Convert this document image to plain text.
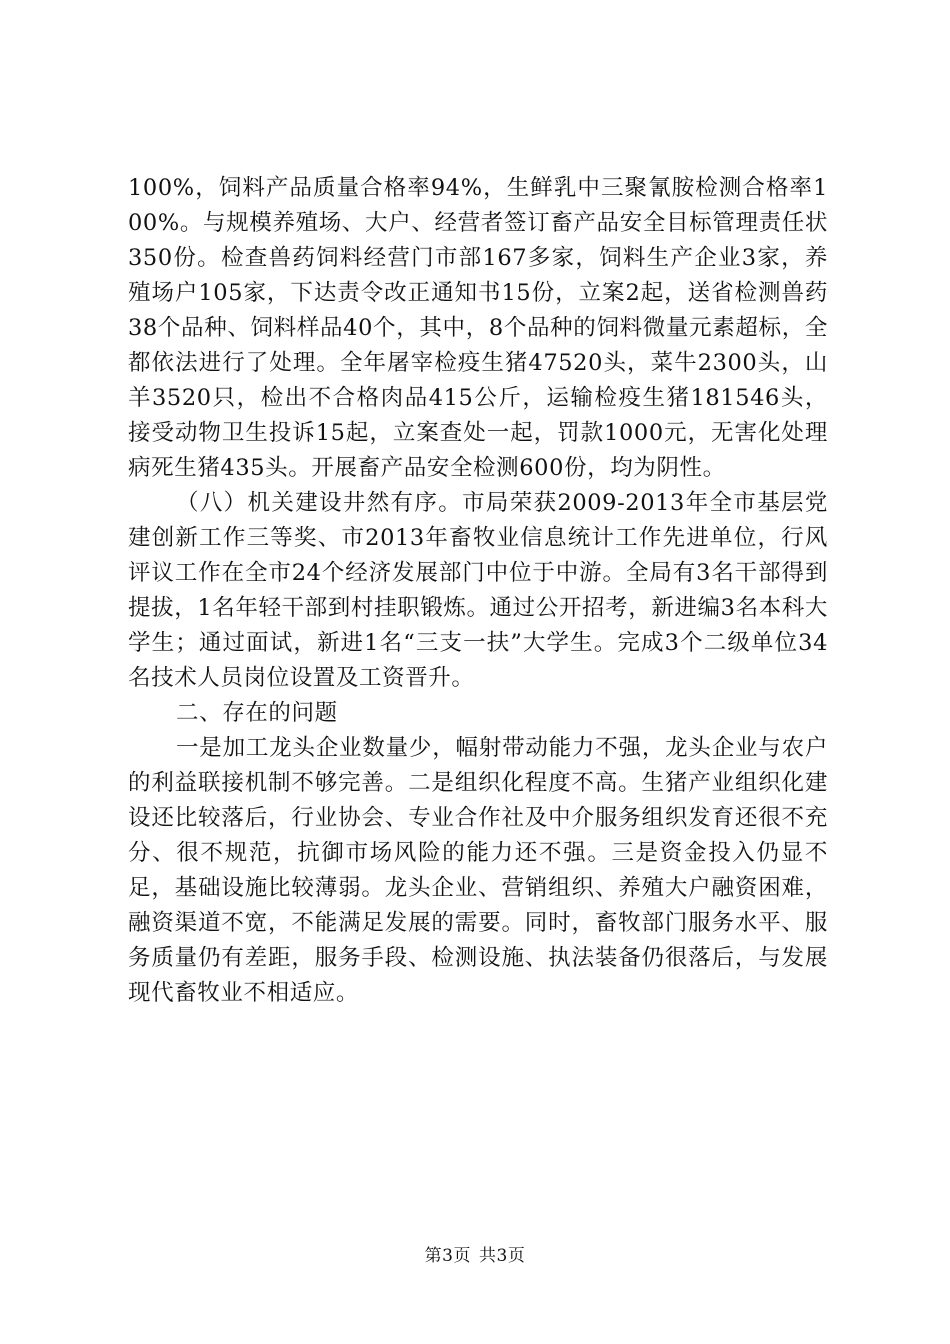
100%，饲料产品质量合格率94%，生鲜乳中三聚氰胺检测合格率100%。与规模养殖场、大户、经营者签订畜产品安全目标管理责任状350份。检查兽药饲料经营门市部167多家，饲料生产企业3家，养殖场户105家，下达责令改正通知书15份，立案2起，送省检测兽药38个品种、饲料样品40个，其中，8个品种的饲料微量元素超标，全都依法进行了处理。全年屠宰检疫生猪47520头，菜牛2300头，山羊3520只，检出不合格肉品415公斤，运输检疫生猪181546头，接受动物卫生投诉15起，立案查处一起，罚款1000元，无害化处理病死生猪435头。开展畜产品安全检测600份，均为阴性。

（八）机关建设井然有序。市局荣获2009-2013年全市基层党建创新工作三等奖、市2013年畜牧业信息统计工作先进单位，行风评议工作在全市24个经济发展部门中位于中游。全局有3名干部得到提拔，1名年轻干部到村挂职锻炼。通过公开招考，新进编3名本科大学生；通过面试，新进1名“三支一扶”大学生。完成3个二级单位34名技术人员岗位设置及工资晋升。

二、存在的问题

一是加工龙头企业数量少，幅射带动能力不强，龙头企业与农户的利益联接机制不够完善。二是组织化程度不高。生猪产业组织化建设还比较落后，行业协会、专业合作社及中介服务组织发育还很不充分、很不规范，抗御市场风险的能力还不强。三是资金投入仍显不足，基础设施比较薄弱。龙头企业、营销组织、养殖大户融资困难，融资渠道不宽，不能满足发展的需要。同时，畜牧部门服务水平、服务质量仍有差距，服务手段、检测设施、执法装备仍很落后，与发展现代畜牧业不相适应。

第3页 共3页
